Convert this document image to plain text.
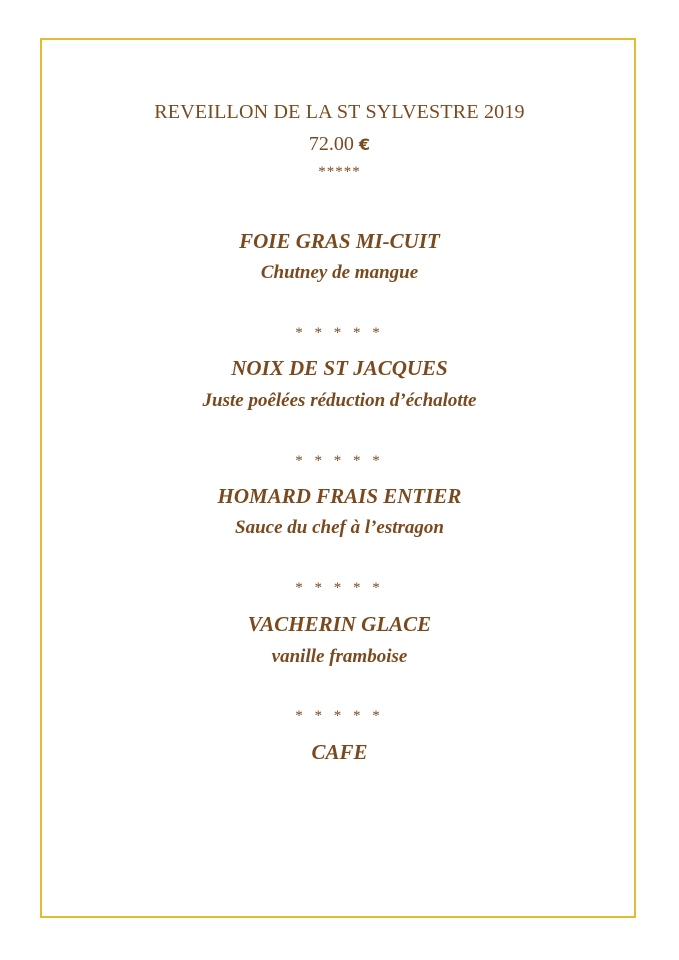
REVEILLON DE LA ST SYLVESTRE 2019
72.00 €
*****
FOIE GRAS MI-CUIT
Chutney de mangue
* * * * *
NOIX DE ST JACQUES
Juste poêlées réduction d’échalotte
* * * * *
HOMARD FRAIS ENTIER
Sauce du chef à l’estragon
* * * * *
VACHERIN GLACE
vanille framboise
* * * * *
CAFE
